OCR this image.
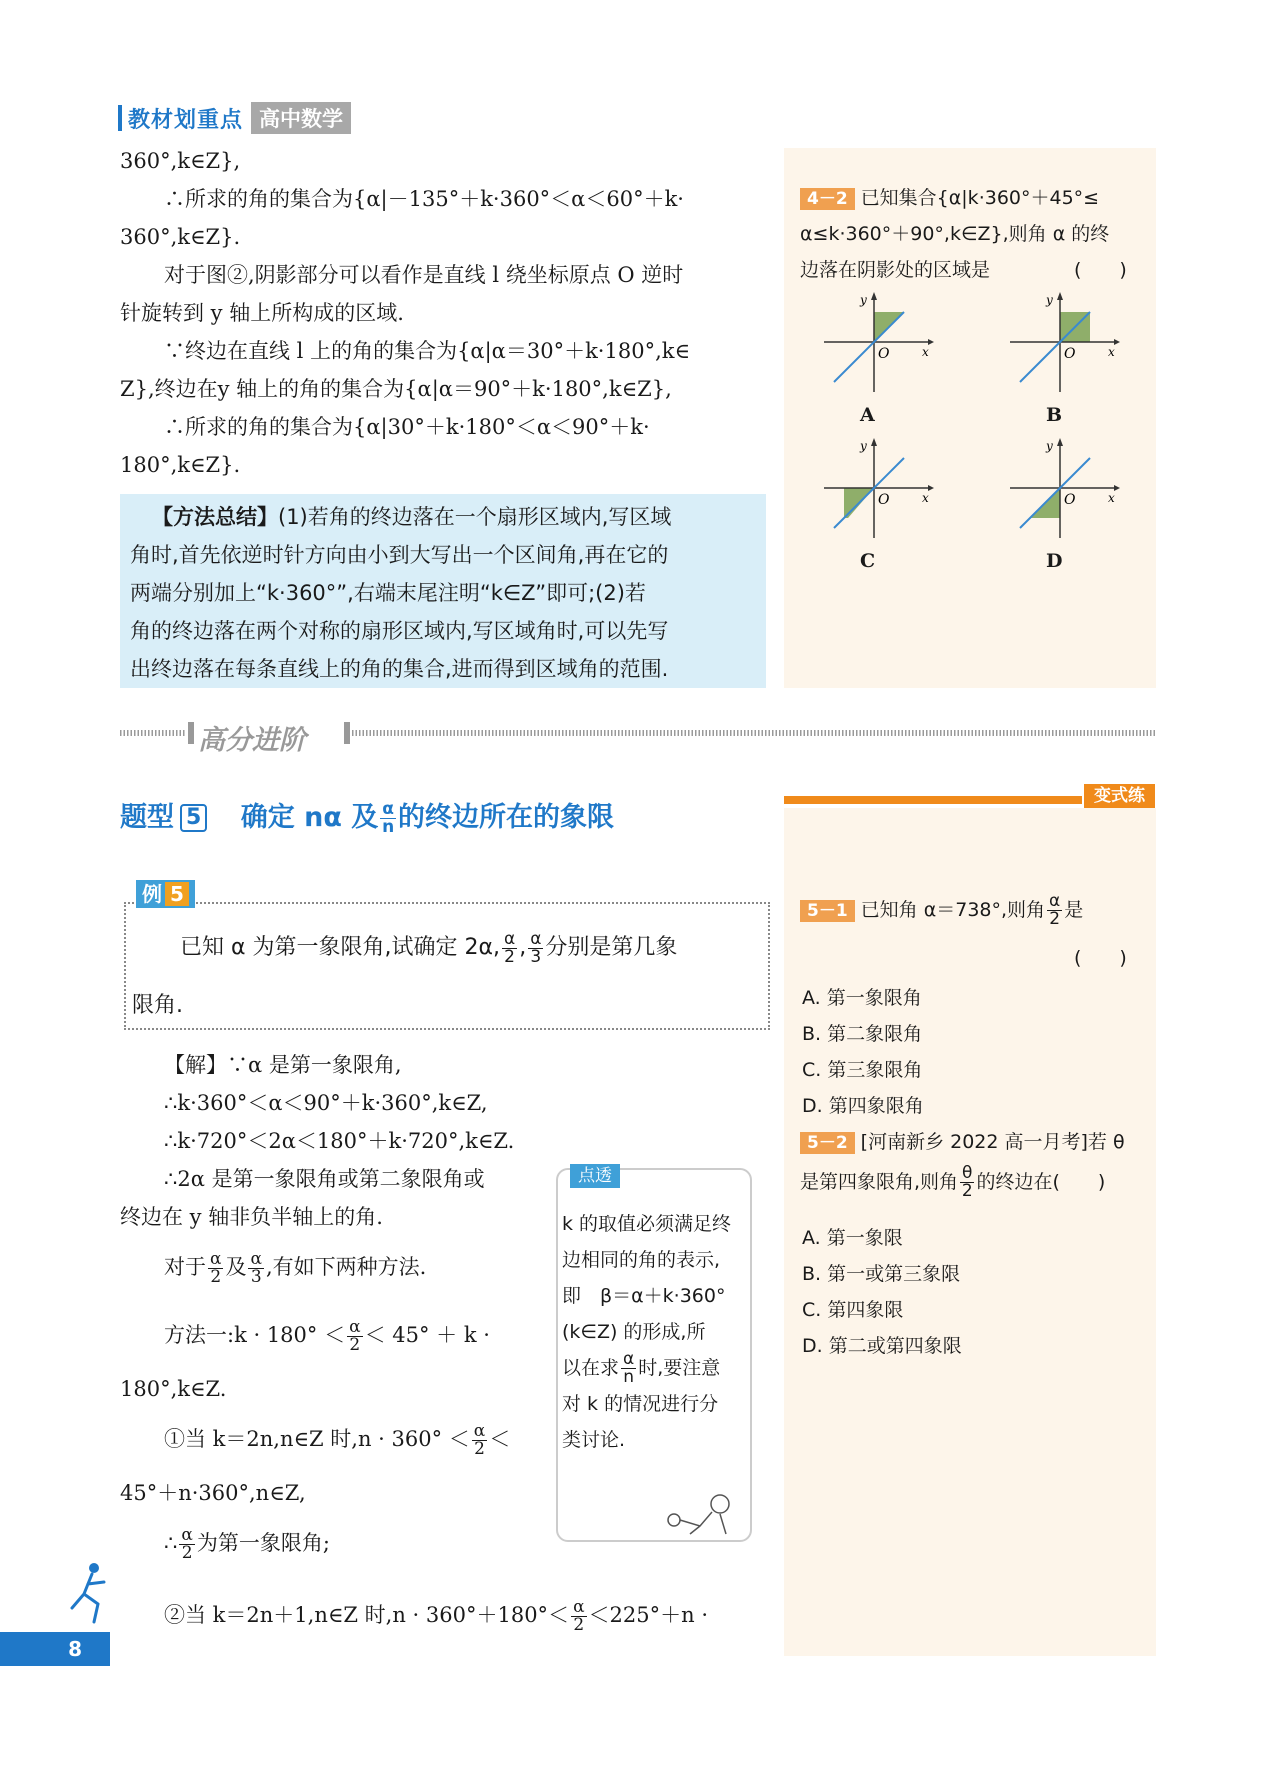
教材划重点 高中数学
360°,k∈Z},
∴所求的角的集合为{α|－135°＋k·360°＜α＜60°＋k·
360°,k∈Z}.
对于图②,阴影部分可以看作是直线 l 绕坐标原点 O 逆时
针旋转到 y 轴上所构成的区域.
∵终边在直线 l 上的角的集合为{α|α＝30°＋k·180°,k∈
Z},终边在y 轴上的角的集合为{α|α＝90°＋k·180°,k∈Z},
∴所求的角的集合为{α|30°＋k·180°＜α＜90°＋k·
180°,k∈Z}.
【方法总结】(1)若角的终边落在一个扇形区域内,写区域
角时,首先依逆时针方向由小到大写出一个区间角,再在它的
两端分别加上“k·360°”,右端末尾注明“k∈Z”即可;(2)若
角的终边落在两个对称的扇形区域内,写区域角时,可以先写
出终边落在每条直线上的角的集合,进而得到区域角的范围.
4－2 已知集合{α|k·360°＋45°≤
α≤k·360°＋90°,k∈Z},则角 α 的终
边落在阴影处的区域是	(　　)
O	x
y
A
O	x
y
B
O	x
y
C
O	x
y
D
高分进阶
题型 5 确定 nα 及 $\frac{\alpha}{n}$ 的终边所在的象限
变式练
例 5
已知 α 为第一象限角,试确定 2α, $\frac{\alpha}{2}$ , $\frac{\alpha}{3}$ 分别是第几象
限角.
【解】∵α 是第一象限角,
∴k·360°＜α＜90°＋k·360°,k∈Z,
∴k·720°＜2α＜180°＋k·720°,k∈Z.
∴2α 是第一象限角或第二象限角或
终边在 y 轴非负半轴上的角.
对于 $\frac{\alpha}{2}$ 及 $\frac{\alpha}{3}$ ,有如下两种方法.
方法一:k · $180^\circ < \frac{\alpha}{2} < 45^\circ + k$ ·
180°,k∈Z.
①当 k＝2n,n∈Z 时$,n \cdot 360^\circ < \frac{\alpha}{2}$ ＜
45°＋n·360°,n∈Z,
∴ $\frac{\alpha}{2}$ 为第一象限角;
②当 k＝2n＋1,n∈Z 时$,n \cdot 360^\circ+180^\circ< \frac{\alpha}{2} <225^\circ+n$ ·
点透
k 的取值必须满足终
边相同的角的表示,
即　β＝α＋k·360°
(k∈Z) 的形成,所
以在求 $\frac{\alpha}{n}$ 时,要注意
对 k 的情况进行分
类讨论.
5－1 已知角 α＝738°,则角 $\frac{\alpha}{2}$ 是
(　　)
A. 第一象限角
B. 第二象限角
C. 第三象限角
D. 第四象限角
5－2 [河南新乡 2022 高一月考]若 θ
是第四象限角,则角 $\frac{\theta}{2}$ 的终边在(　　)
A. 第一象限
B. 第一或第三象限
C. 第四象限
D. 第二或第四象限
8
